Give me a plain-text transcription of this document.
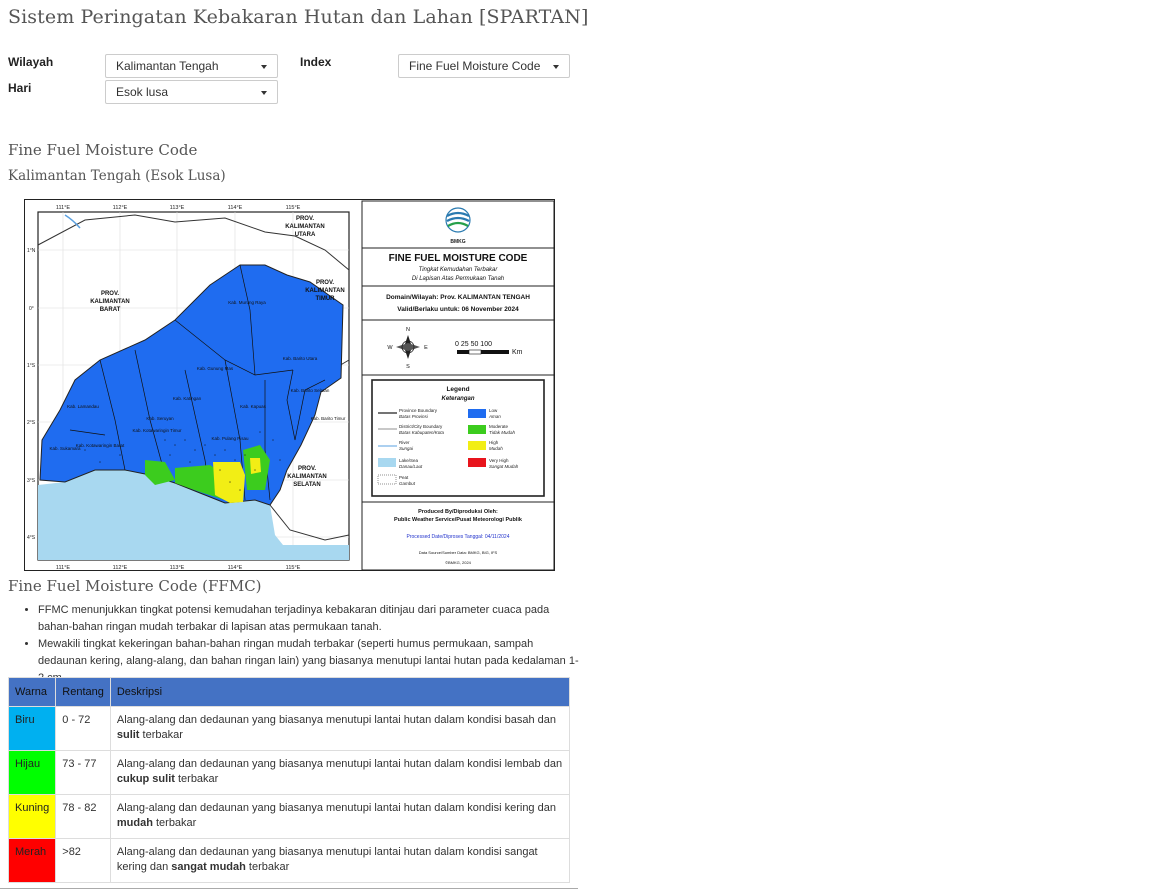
Sistem Peringatan Kebakaran Hutan dan Lahan [SPARTAN]
Wilayah	Kalimantan Tengah	Index	Fine Fuel Moisture Code
Hari	Esok lusa
Fine Fuel Moisture Code
Kalimantan Tengah (Esok Lusa)
111°E	112°E	113°E	114°E	115°E
111°E	112°E	113°E	114°E	115°E
1°N
0°
1°S
2°S
3°S
4°S
PROV.
KALIMANTAN
UTARA
PROV.
KALIMANTAN
BARAT
PROV.
KALIMANTAN
TIMUR
PROV.
KALIMANTAN
SELATAN
Kab. Murung Raya
Kab. Barito Utara
Kab. Gunung Mas
Kab. Katingan
Kab. Lamandau
Kab. Seruyan
Kab. Kotawaringin Timur
Kab. Kapuas
Kab. Barito Selatan
Kab. Barito Timur
Kab. Pulang Pisau
Kab. Sukamara
Kab. Kotawaringin Barat
BMKG
FINE FUEL MOISTURE CODE
Tingkat Kemudahan Terbakar
Di Lapisan Atas Permukaan Tanah
Domain/Wilayah: Prov. KALIMANTAN TENGAH
Valid/Berlaku untuk: 06 November 2024
N
S
E
W	0 25 50 100
Km
Legend
Keterangan
Province Boundary
Batas Provinsi
District/City Boundary
Batas Kabupaten/Kota
River
Sungai
Lake/Sea
Danau/Laut
Peat
Gambut
Low
Aman
Moderate
Tidak Mudah
High
Mudah
Very High
Sangat Mudah
Produced By/Diproduksi Oleh:
Public Weather Service/Pusat Meteorologi Publik
Processed Date/Diproses Tanggal: 04/11/2024
Data Source/Sumber Data: BMKG, BIG, IFS
©BMKG, 2024
Fine Fuel Moisture Code (FFMC)
• FFMC menunjukkan tingkat potensi kemudahan terjadinya kebakaran ditinjau dari parameter cuaca pada bahan-bahan ringan mudah terbakar di lapisan atas permukaan tanah.
• Mewakili tingkat kekeringan bahan-bahan ringan mudah terbakar (seperti humus permukaan, sampah dedaunan kering, alang-alang, dan bahan ringan lain) yang biasanya menutupi lantai hutan pada kedalaman 1-
Warna	Rentang	Deskripsi
Biru	0 - 72	Alang-alang dan dedaunan yang biasanya menutupi lantai hutan dalam kondisi basah dan sulit terbakar
Hijau	73 - 77	Alang-alang dan dedaunan yang biasanya menutupi lantai hutan dalam kondisi lembab dan cukup sulit terbakar
Kuning	78 - 82	Alang-alang dan dedaunan yang biasanya menutupi lantai hutan dalam kondisi kering dan mudah terbakar
Merah	>82	Alang-alang dan dedaunan yang biasanya menutupi lantai hutan dalam kondisi sangat kering dan sangat mudah terbakar
